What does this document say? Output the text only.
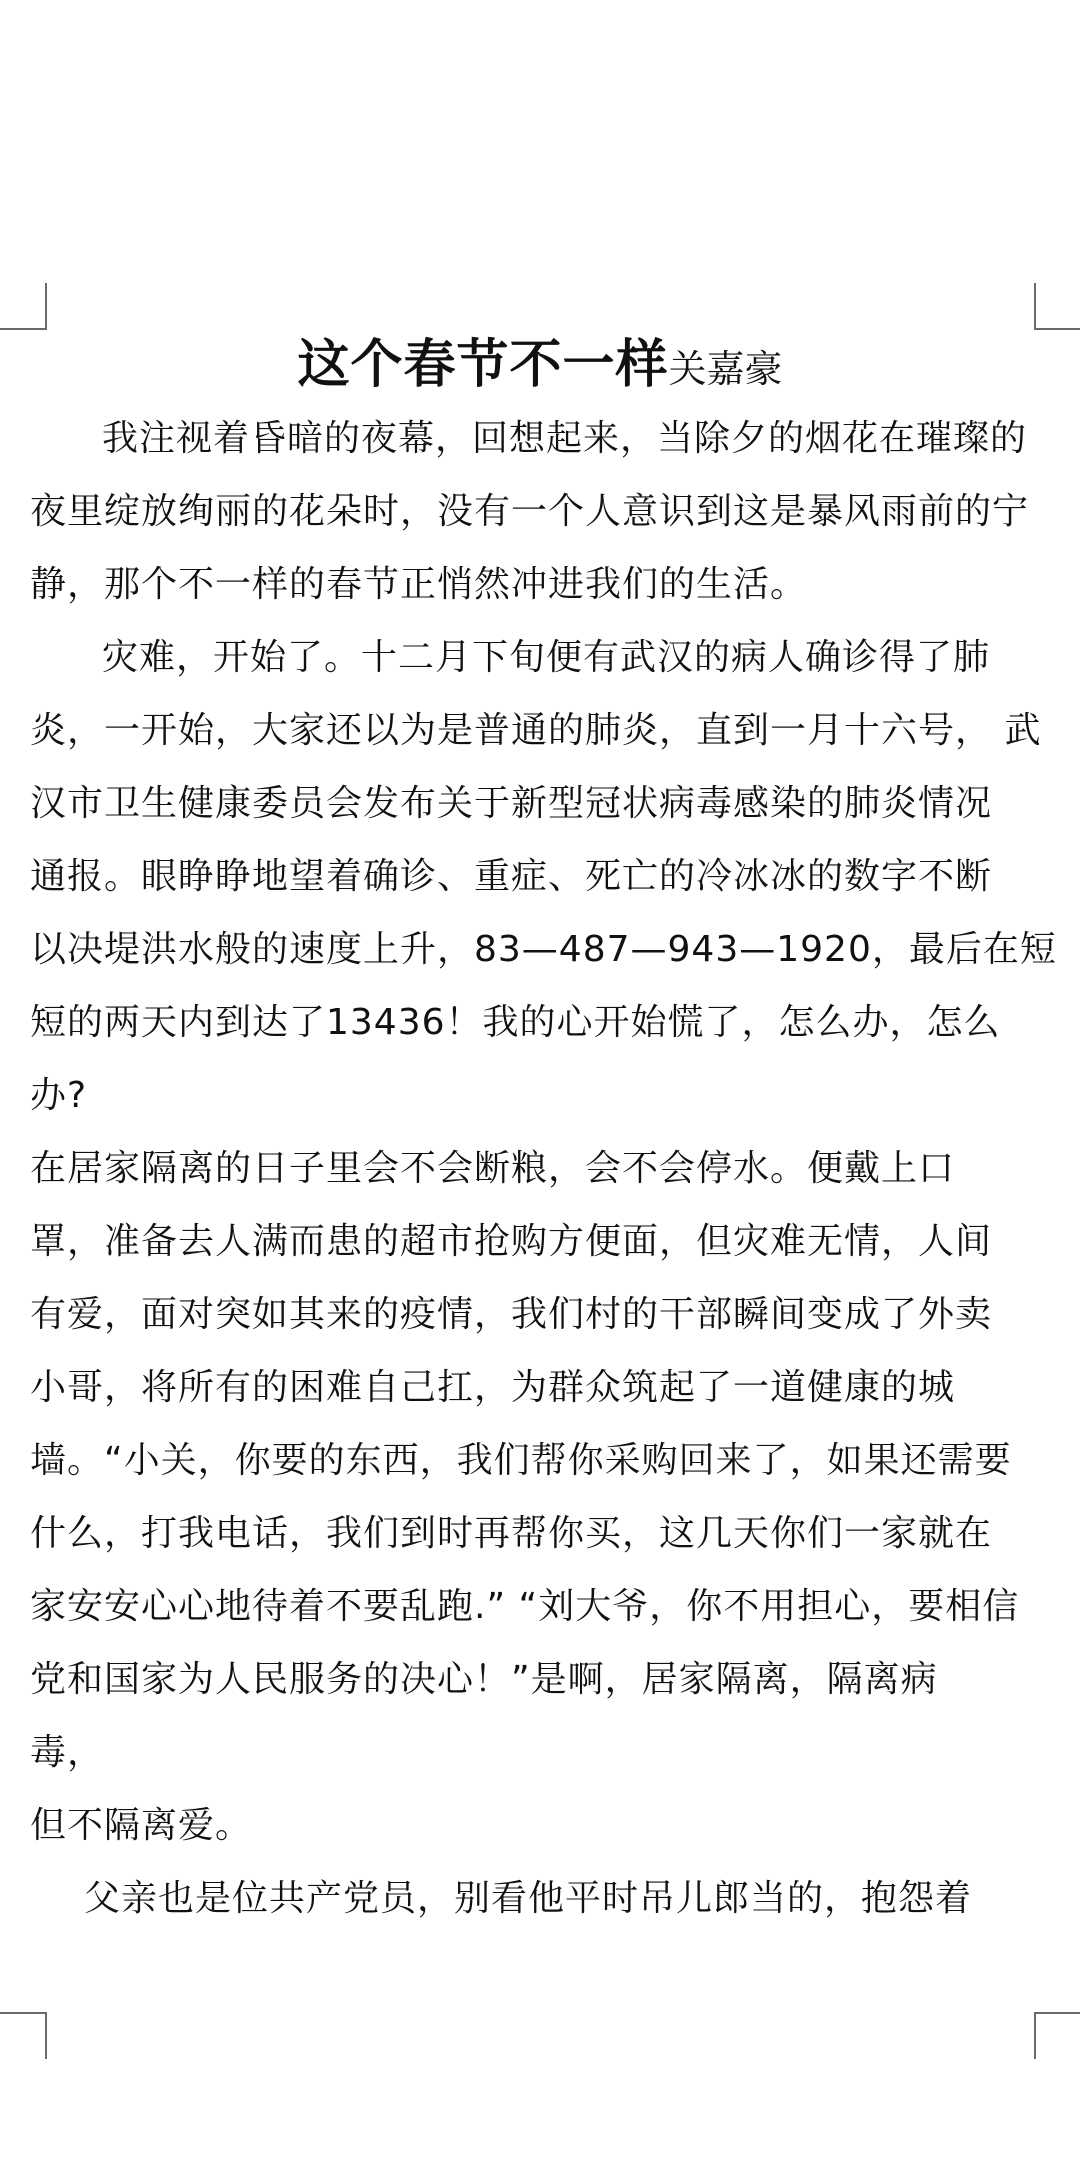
这个春节不一样关嘉豪
我注视着昏暗的夜幕，回想起来，当除夕的烟花在璀璨的
夜里绽放绚丽的花朵时，没有一个人意识到这是暴风雨前的宁
静，那个不一样的春节正悄然冲进我们的生活。
灾难，开始了。十二月下旬便有武汉的病人确诊得了肺
炎，一开始，大家还以为是普通的肺炎，直到一月十六号， 武
汉市卫生健康委员会发布关于新型冠状病毒感染的肺炎情况
通报。眼睁睁地望着确诊、重症、死亡的冷冰冰的数字不断
以决堤洪水般的速度上升，83—487—943—1920，最后在短
短的两天内到达了13436！我的心开始慌了，怎么办，怎么
办?
在居家隔离的日子里会不会断粮，会不会停水。便戴上口
罩，准备去人满而患的超市抢购方便面，但灾难无情，人间
有爱，面对突如其来的疫情，我们村的干部瞬间变成了外卖
小哥，将所有的困难自己扛，为群众筑起了一道健康的城
墙。“小关，你要的东西，我们帮你采购回来了，如果还需要
什么，打我电话，我们到时再帮你买，这几天你们一家就在
家安安心心地待着不要乱跑.” “刘大爷，你不用担心，要相信
党和国家为人民服务的决心！”是啊，居家隔离，隔离病
毒，
但不隔离爱。
父亲也是位共产党员，别看他平时吊儿郎当的，抱怨着
